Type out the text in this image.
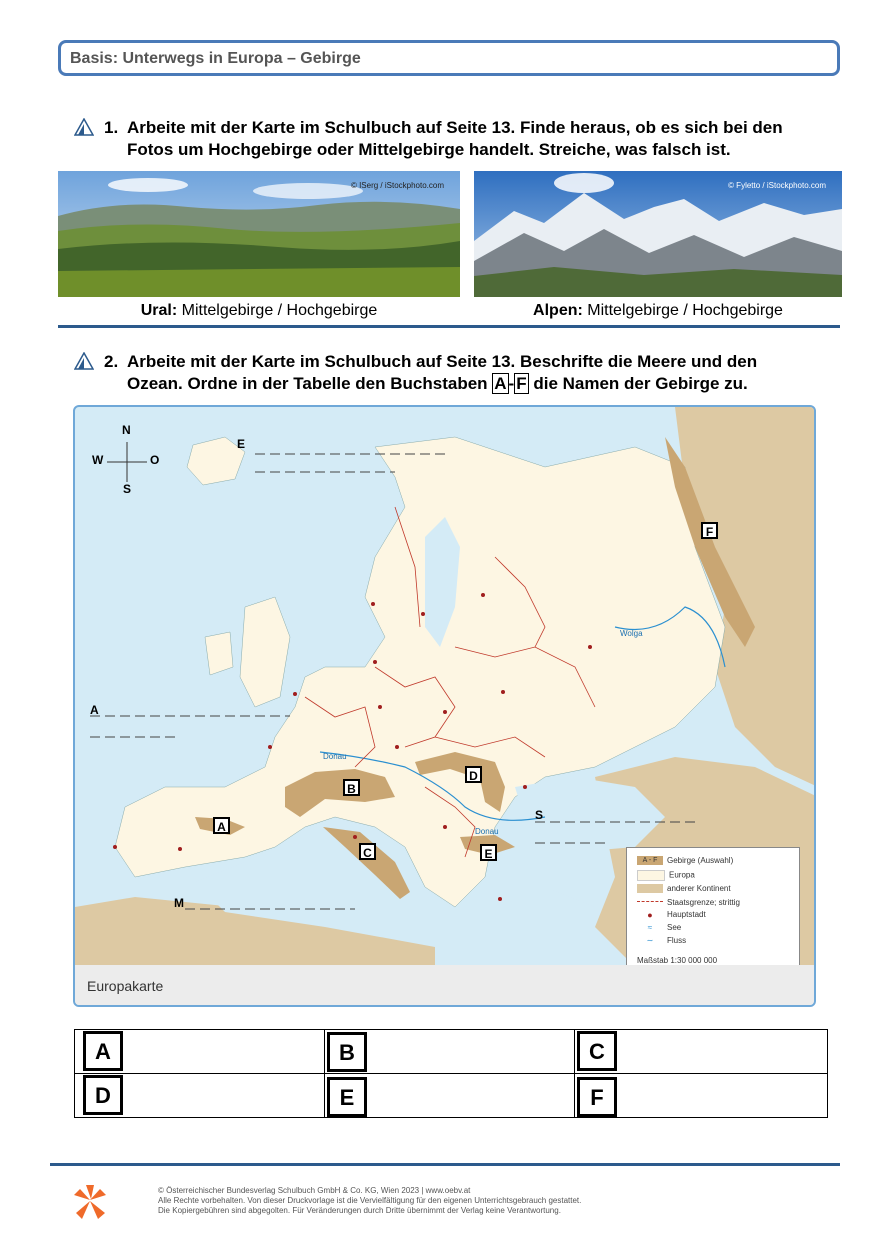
Basis: Unterwegs in Europa – Gebirge
1. Arbeite mit der Karte im Schulbuch auf Seite 13. Finde heraus, ob es sich bei den
Fotos um Hochgebirge oder Mittelgebirge handelt. Streiche, was falsch ist.
© ISerg / iStockphoto.com	© Fyletto / iStockphoto.com
Ural: Mittelgebirge / Hochgebirge	Alpen: Mittelgebirge / Hochgebirge
2. Arbeite mit der Karte im Schulbuch auf Seite 13. Beschrifte die Meere und den
Ozean. Ordne in der Tabelle den Buchstaben A - F die Namen der Gebirge zu.
N
S
W	O
E
A
M
S
A
B
C
D
E
F
Donau
Donau
Wolga
A - F Gebirge (Auswahl)
Europa
anderer Kontinent
Staatsgrenze; strittig
● Hauptstadt
≈ See
∼ Fluss
Maßstab 1:30 000 000
Europakarte
A	B	C
D	E	F
© Österreichischer Bundesverlag Schulbuch GmbH & Co. KG, Wien 2023 | www.oebv.at
Alle Rechte vorbehalten. Von dieser Druckvorlage ist die Vervielfältigung für den eigenen Unterrichtsgebrauch gestattet.
Die Kopiergebühren sind abgegolten. Für Veränderungen durch Dritte übernimmt der Verlag keine Verantwortung.
